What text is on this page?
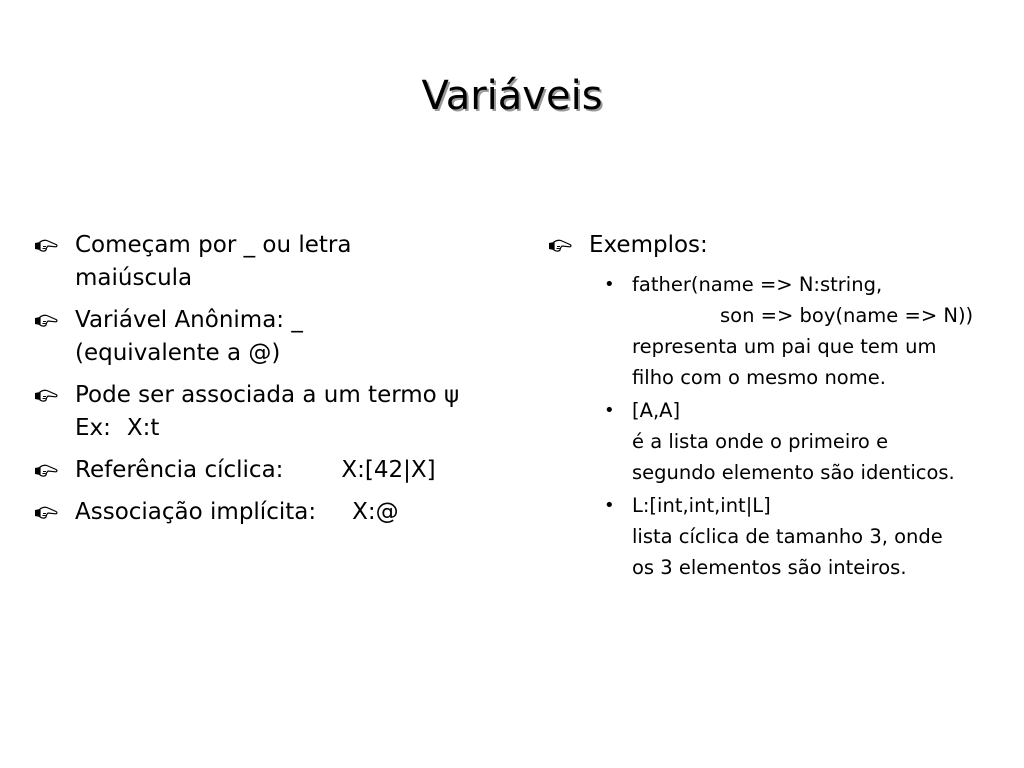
Variáveis
Começam por _ ou letra
maiúscula
Variável Anônima: _
(equivalente a @)
Pode ser associada a um termo ψ
Ex: X:t
Referência cíclica:	X:[42|X]
Associação implícita: X:@
Exemplos:
• father(name => N:string,
son => boy(name => N))
representa um pai que tem um
filho com o mesmo nome.
• [A,A]
é a lista onde o primeiro e
segundo elemento são identicos.
• L:[int,int,int|L]
lista cíclica de tamanho 3, onde
os 3 elementos são inteiros.
